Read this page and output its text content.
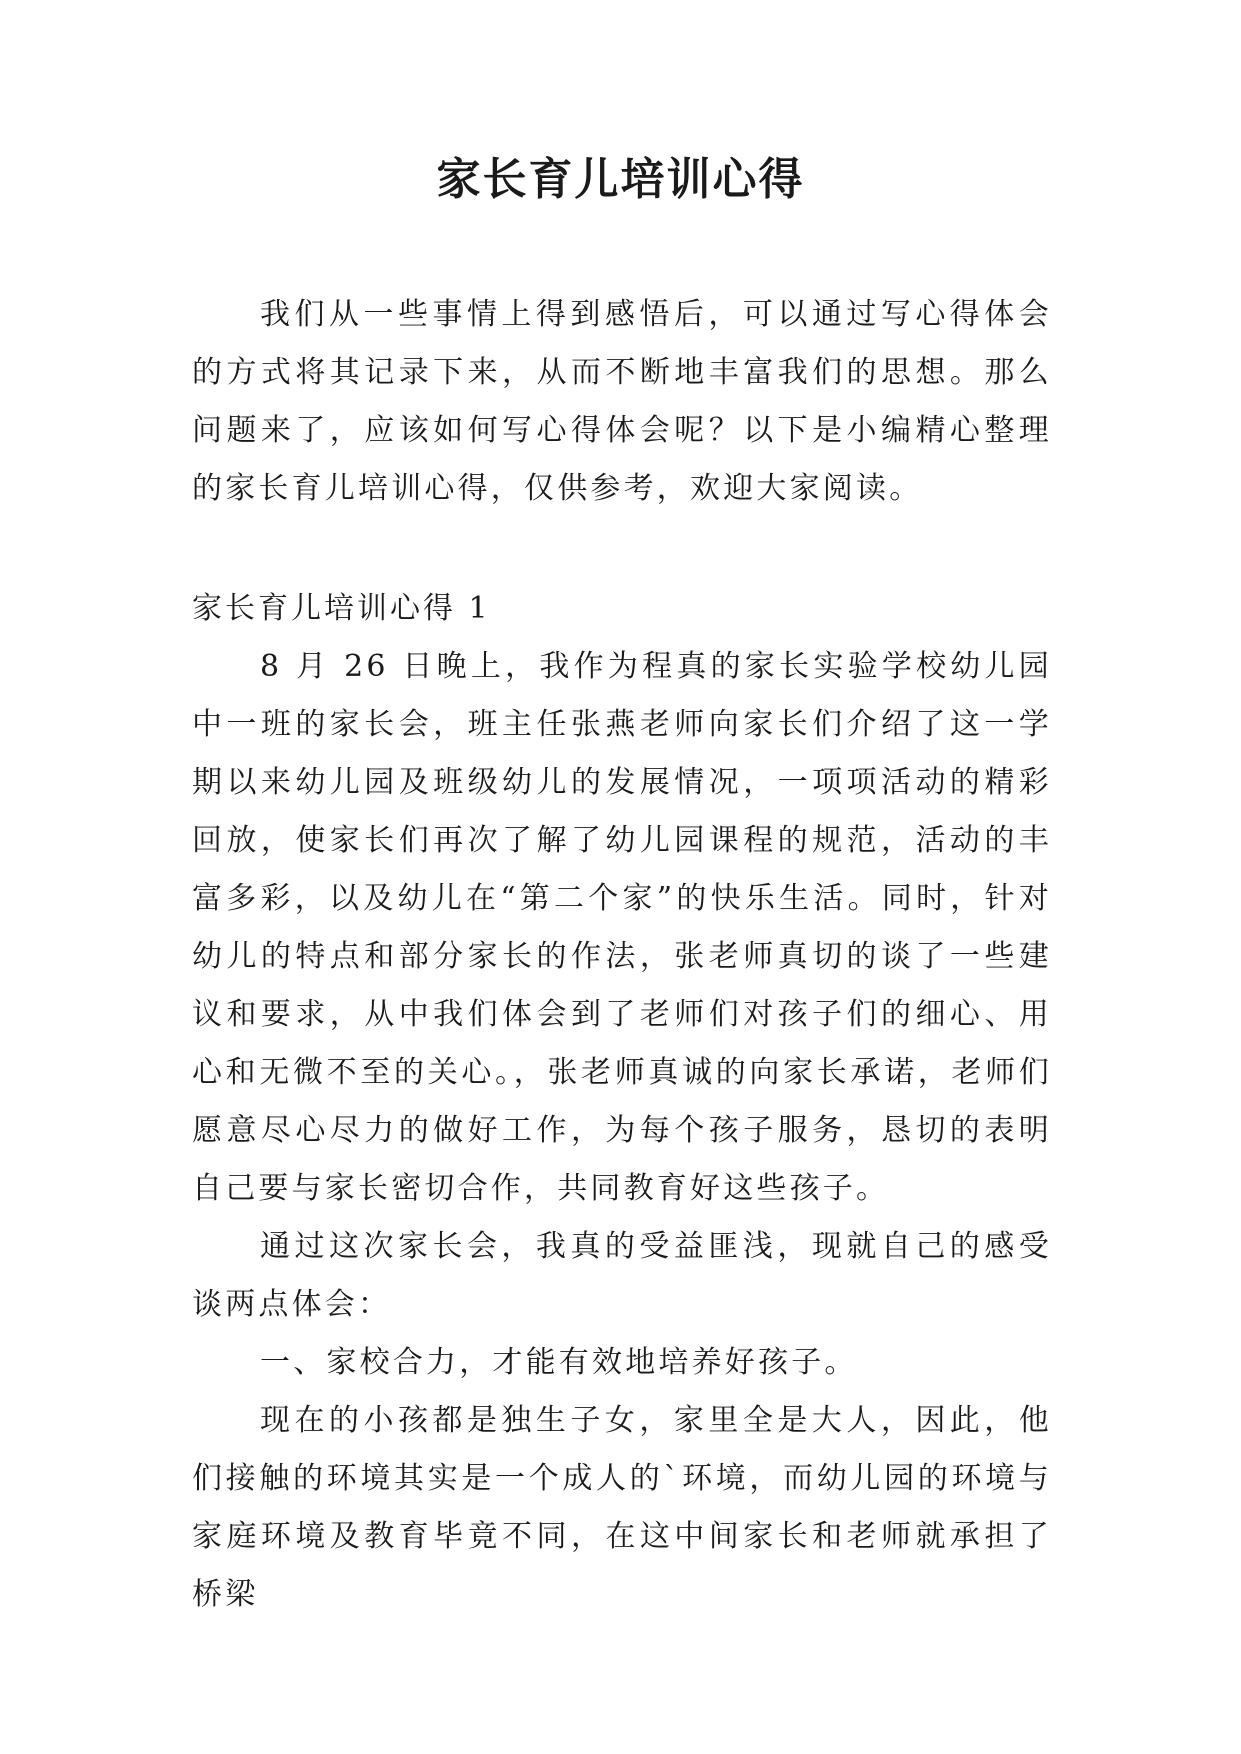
家长育儿培训心得

我们从一些事情上得到感悟后，可以通过写心得体会的方式将其记录下来，从而不断地丰富我们的思想。那么问题来了，应该如何写心得体会呢？以下是小编精心整理的家长育儿培训心得，仅供参考，欢迎大家阅读。

家长育儿培训心得 1

8 月 26 日晚上，我作为程真的家长实验学校幼儿园中一班的家长会，班主任张燕老师向家长们介绍了这一学期以来幼儿园及班级幼儿的发展情况，一项项活动的精彩回放，使家长们再次了解了幼儿园课程的规范，活动的丰富多彩，以及幼儿在“第二个家”的快乐生活。同时，针对幼儿的特点和部分家长的作法，张老师真切的谈了一些建议和要求，从中我们体会到了老师们对孩子们的细心、用心和无微不至的关心。，张老师真诚的向家长承诺，老师们愿意尽心尽力的做好工作，为每个孩子服务，恳切的表明自己要与家长密切合作，共同教育好这些孩子。

通过这次家长会，我真的受益匪浅，现就自己的感受谈两点体会：

一、家校合力，才能有效地培养好孩子。

现在的小孩都是独生子女，家里全是大人，因此，他们接触的环境其实是一个成人的`环境，而幼儿园的环境与家庭环境及教育毕竟不同，在这中间家长和老师就承担了桥梁
